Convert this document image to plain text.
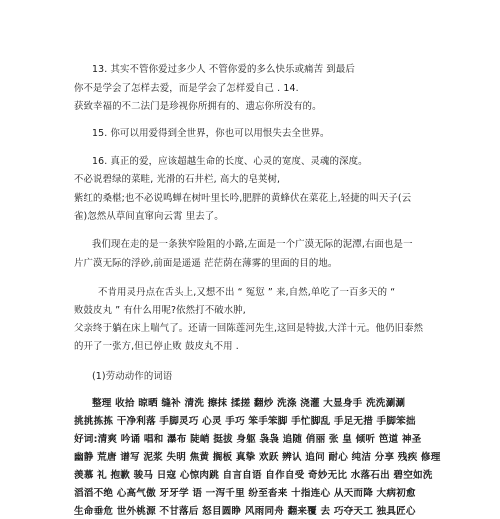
13. 其实不管你爱过多少人 不管你爱的多么快乐或痛苦 到最后
你不是学会了怎样去爱，而是学会了怎样爱自己 . 14.
获致幸福的不二法门是珍视你所拥有的、遗忘你所没有的。
15. 你可以用爱得到全世界，你也可以用恨失去全世界。
16. 真正的爱，应该超越生命的长度、心灵的宽度、灵魂的深度。
不必说碧绿的菜畦, 光滑的石井栏, 高大的皂荚树,
紫红的桑椹;也不必说鸣蝉在树叶里长吟,肥胖的黄蜂伏在菜花上,轻捷的叫天子(云
雀)忽然从草间直窜向云霄 里去了。
我们现在走的是一条狭窄险阻的小路,左面是一个广漠无际的泥潭,右面也是一
片广漠无际的浮砂,前面是遥遥 茫茫荫在薄雾的里面的目的地。
不肯用灵丹点在舌头上,又想不出 “ 冤愆 ” 来,自然,单吃了一百多天的 “
败鼓皮丸 ” 有什么用呢?依然打不破水肿,
父亲终于躺在床上喘气了。还请一回陈莲河先生,这回是特拔,大洋十元。他仍旧泰然
的开了一张方,但已停止败 鼓皮丸不用 .
(1)劳动动作的词语
整理 收拾 晾晒 缝补 清洗 擦抹 揉搓 翻炒 洗涤 浇灌 大显身手 洗洗涮涮
挑挑拣拣 干净利落 手脚灵巧 心灵 手巧 笨手笨脚 手忙脚乱 手足无措 手脚笨拙
好词:清爽 吟诵 唱和 瀑布 陡峭 挺拔 身躯 袅袅 追随 俏丽 张 皇 倾听 笆道 神圣
幽静 荒唐 谱写 泥浆 失明 焦黄 搁板 真挚 欢跃 辨认 追问 耐心 纯洁 分享 残疾 修理
羡慕 礼 抱歉 骏马 日寇 心惊肉跳 自言自语 自作自受 奇妙无比 水落石出 碧空如洗
滔滔不绝 心高气傲 牙牙学 语 一泻千里 纷至沓来 十指连心 从天而降 大病初愈
生命垂危 世外桃源 不甘落后 怒目圆睁 风雨同舟 翻来覆 去 巧夺天工 独具匠心
